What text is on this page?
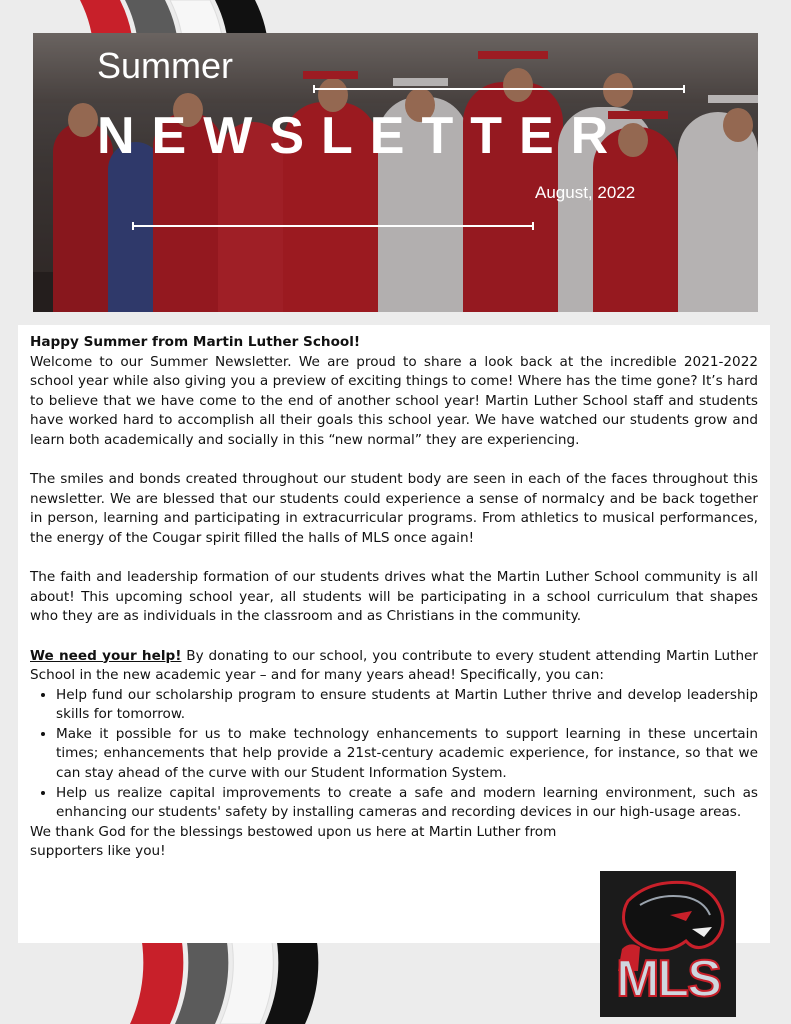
Summer
NEWSLETTER
August, 2022

Happy Summer from Martin Luther School!

Welcome to our Summer Newsletter. We are proud to share a look back at the incredible 2021-2022 school year while also giving you a preview of exciting things to come! Where has the time gone? It’s hard to believe that we have come to the end of another school year! Martin Luther School staff and students have worked hard to accomplish all their goals this school year. We have watched our students grow and learn both academically and socially in this “new normal” they are experiencing.

The smiles and bonds created throughout our student body are seen in each of the faces throughout this newsletter. We are blessed that our students could experience a sense of normalcy and be back together in person, learning and participating in extracurricular programs. From athletics to musical performances, the energy of the Cougar spirit filled the halls of MLS once again!

The faith and leadership formation of our students drives what the Martin Luther School community is all about! This upcoming school year, all students will be participating in a school curriculum that shapes who they are as individuals in the classroom and as Christians in the community.

We need your help! By donating to our school, you contribute to every student attending Martin Luther School in the new academic year – and for many years ahead! Specifically, you can:

• Help fund our scholarship program to ensure students at Martin Luther thrive and develop leadership skills for tomorrow.
• Make it possible for us to make technology enhancements to support learning in these uncertain times; enhancements that help provide a 21st-century academic experience, for instance, so that we can stay ahead of the curve with our Student Information System.
• Help us realize capital improvements to create a safe and modern learning environment, such as enhancing our students' safety by installing cameras and recording devices in our high-usage areas.

We thank God for the blessings bestowed upon us here at Martin Luther from supporters like you!

MLS
